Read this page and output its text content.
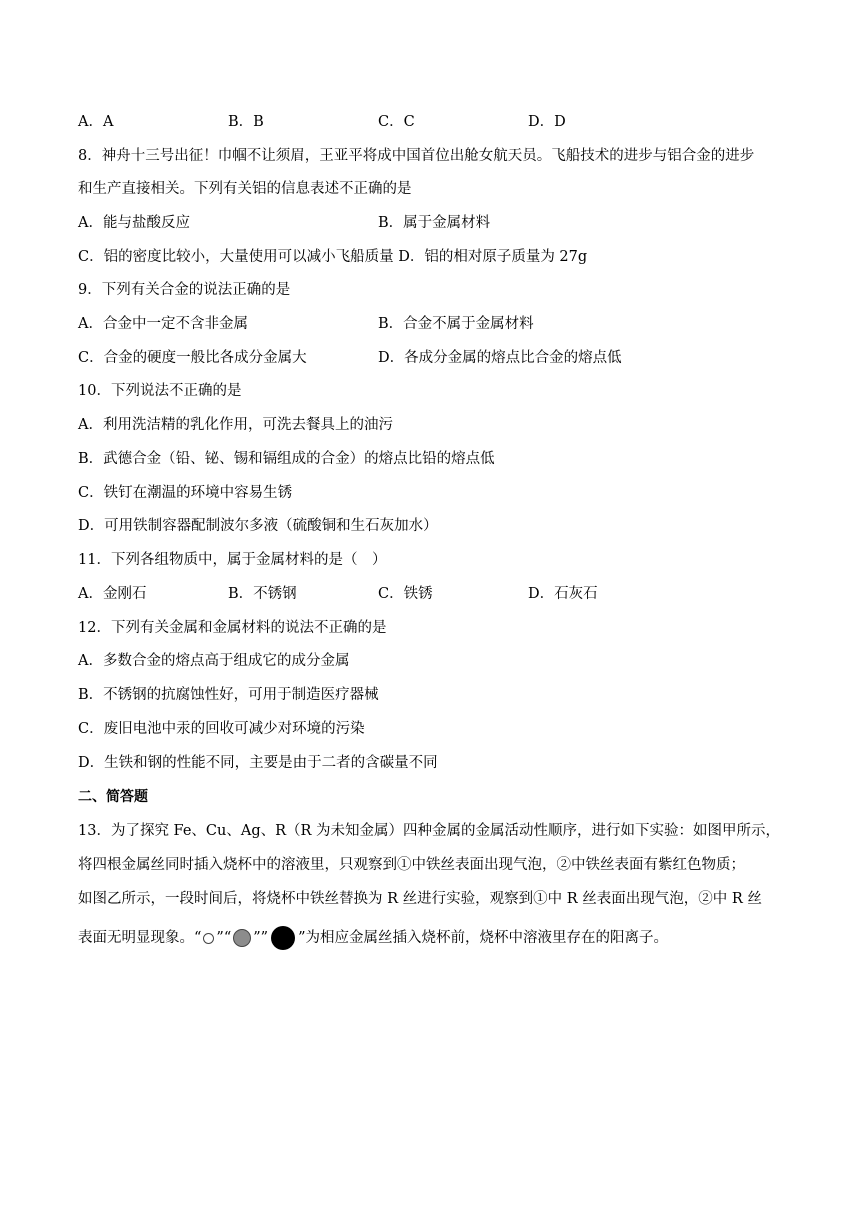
A．A	B．B	C．C	D．D
8．神舟十三号出征！巾帼不让须眉，王亚平将成中国首位出舱女航天员。飞船技术的进步与铝合金的进步
和生产直接相关。下列有关铝的信息表述不正确的是
A．能与盐酸反应	B．属于金属材料
C．铝的密度比较小，大量使用可以减小飞船质量 D．铝的相对原子质量为 27g
9．下列有关合金的说法正确的是
A．合金中一定不含非金属	B．合金不属于金属材料
C．合金的硬度一般比各成分金属大	D．各成分金属的熔点比合金的熔点低
10．下列说法不正确的是
A．利用洗洁精的乳化作用，可洗去餐具上的油污
B．武德合金（铅、铋、锡和镉组成的合金）的熔点比铅的熔点低
C．铁钉在潮温的环境中容易生锈
D．可用铁制容器配制波尔多液（硫酸铜和生石灰加水）
11．下列各组物质中，属于金属材料的是（　）
A．金刚石	B．不锈钢	C．铁锈	D．石灰石
12．下列有关金属和金属材料的说法不正确的是
A．多数合金的熔点高于组成它的成分金属
B．不锈钢的抗腐蚀性好，可用于制造医疗器械
C．废旧电池中汞的回收可减少对环境的污染
D．生铁和钢的性能不同，主要是由于二者的含碳量不同
二、简答题
13．为了探究 Fe、Cu、Ag、R（R 为未知金属）四种金属的金属活动性顺序，进行如下实验：如图甲所示，
将四根金属丝同时插入烧杯中的溶液里，只观察到①中铁丝表面出现气泡，②中铁丝表面有紫红色物质；
如图乙所示，一段时间后，将烧杯中铁丝替换为 R 丝进行实验，观察到①中 R 丝表面出现气泡，②中 R 丝
表面无明显现象。“ ”“ ”” ”为相应金属丝插入烧杯前，烧杯中溶液里存在的阳离子。
